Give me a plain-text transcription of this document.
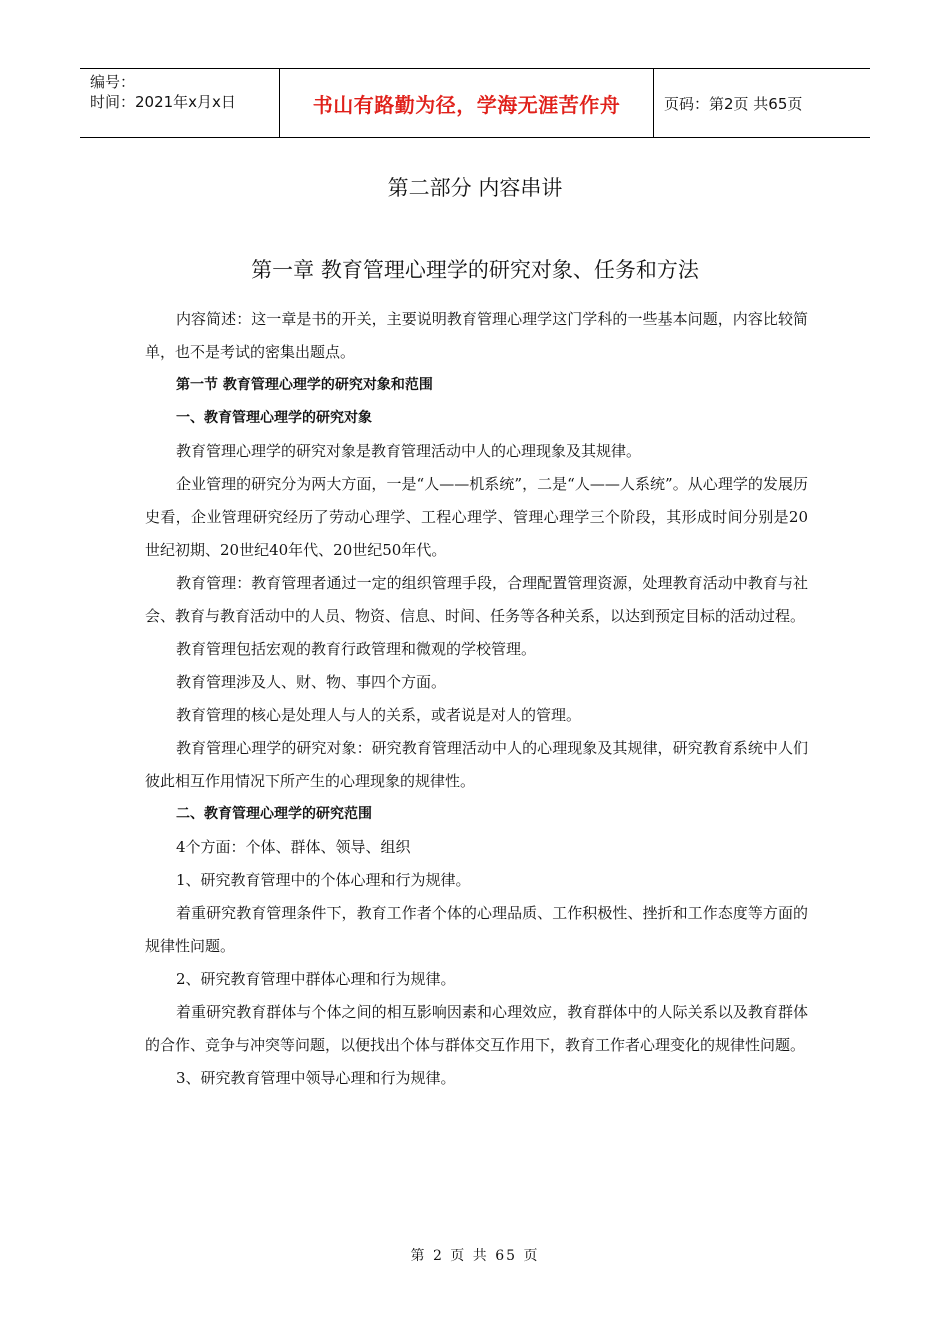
编号：
时间：2021年x月x日	书山有路勤为径，学海无涯苦作舟	页码：第2页 共65页
第二部分 内容串讲
第一章 教育管理心理学的研究对象、任务和方法

内容简述：这一章是书的开关，主要说明教育管理心理学这门学科的一些基本问题，内容比较简单，也不是考试的密集出题点。

第一节 教育管理心理学的研究对象和范围

一、教育管理心理学的研究对象

教育管理心理学的研究对象是教育管理活动中人的心理现象及其规律。

企业管理的研究分为两大方面，一是“人——机系统”，二是“人——人系统”。从心理学的发展历史看，企业管理研究经历了劳动心理学、工程心理学、管理心理学三个阶段，其形成时间分别是20世纪初期、20世纪40年代、20世纪50年代。

教育管理：教育管理者通过一定的组织管理手段，合理配置管理资源，处理教育活动中教育与社会、教育与教育活动中的人员、物资、信息、时间、任务等各种关系，以达到预定目标的活动过程。

教育管理包括宏观的教育行政管理和微观的学校管理。

教育管理涉及人、财、物、事四个方面。

教育管理的核心是处理人与人的关系，或者说是对人的管理。

教育管理心理学的研究对象：研究教育管理活动中人的心理现象及其规律，研究教育系统中人们彼此相互作用情况下所产生的心理现象的规律性。

二、教育管理心理学的研究范围

4个方面：个体、群体、领导、组织

1、研究教育管理中的个体心理和行为规律。

着重研究教育管理条件下，教育工作者个体的心理品质、工作积极性、挫折和工作态度等方面的规律性问题。

2、研究教育管理中群体心理和行为规律。

着重研究教育群体与个体之间的相互影响因素和心理效应，教育群体中的人际关系以及教育群体的合作、竞争与冲突等问题，以便找出个体与群体交互作用下，教育工作者心理变化的规律性问题。

3、研究教育管理中领导心理和行为规律。

第 2 页 共 65 页
